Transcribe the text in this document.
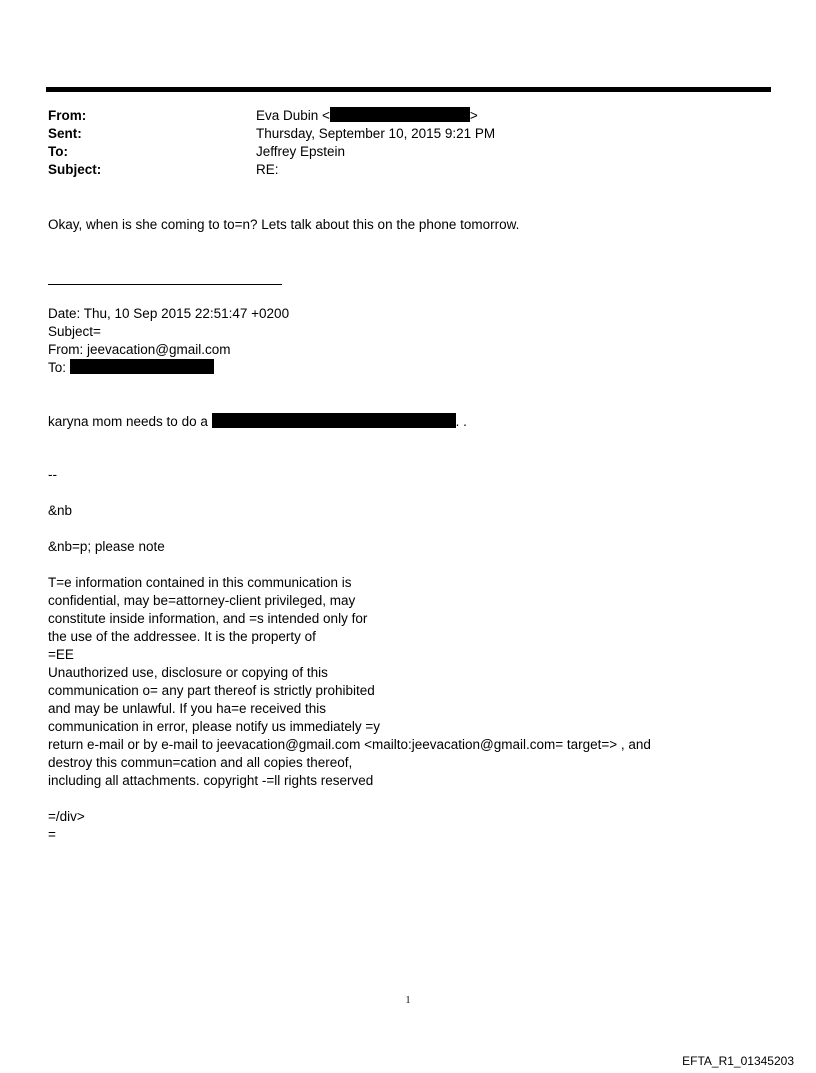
From:	Eva Dubin <	>
Sent:	Thursday, September 10, 2015 9:21 PM
To:	Jeffrey Epstein
Subject:	RE:
Okay, when is she coming to to=n? Lets talk about this on the phone tomorrow.
Date: Thu, 10 Sep 2015 22:51:47 +0200
Subject=
From: jeevacation@gmail.com
To:
karyna mom needs to do a	. .
--
&nb
&nb=p; please note
T=e information contained in this communication is
confidential, may be=attorney-client privileged, may
constitute inside information, and =s intended only for
the use of the addressee. It is the property of
=EE
Unauthorized use, disclosure or copying of this
communication o= any part thereof is strictly prohibited
and may be unlawful. If you ha=e received this
communication in error, please notify us immediately =y
return e-mail or by e-mail to jeevacation@gmail.com <mailto:jeevacation@gmail.com= target=> , and
destroy this commun=cation and all copies thereof,
including all attachments. copyright -=ll rights reserved
=/div>
=
1
EFTA_R1_01345203
